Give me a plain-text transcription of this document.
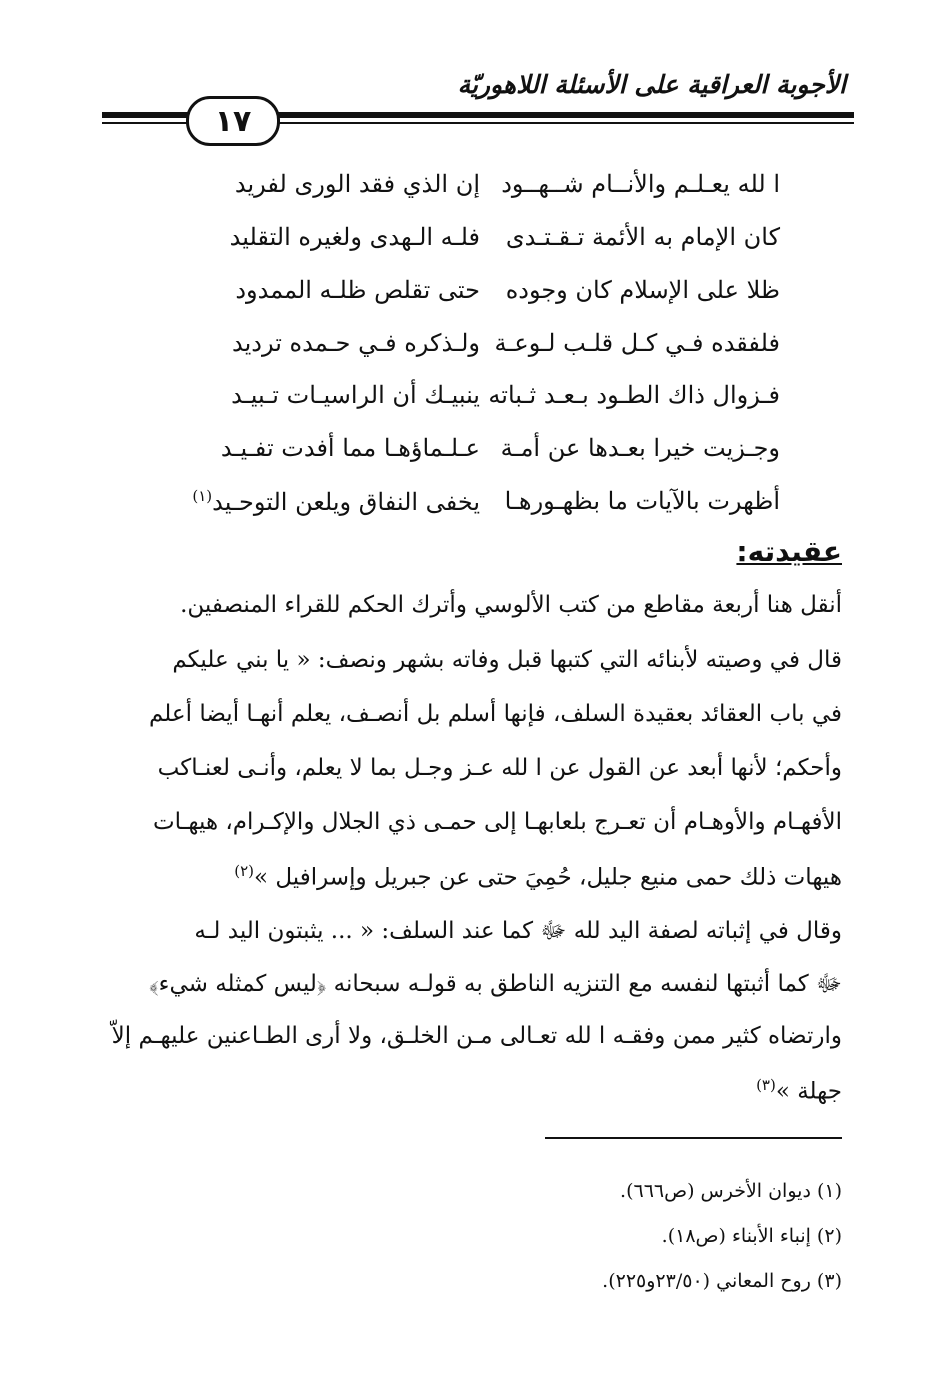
الأجوبة العراقية على الأسئلة اللاهوريّة
١٧
ا لله يعـلـم والأنــام شــهــود
إن الذي فقد الورى لفريد
كان الإمام به الأئمة تـقـتـدى
فلـه الـهدى ولغيره التقليد
ظلا على الإسلام كان وجوده
حتى تقلص ظلـه الممدود
فلفقده فـي كـل قلـب لـوعـة
ولـذكره فـي حـمده ترديد
فـزوال ذاك الطـود بـعـد ثـباته
ينبيـك أن الراسيـات تـبيـد
وجـزيت خيرا بعـدها عن أمـة
عـلـماؤهـا مما أفدت تفـيـد
أظهرت بالآيات ما بظهـورهـا
يخفى النفاق ويلعن التوحـيد$^{(١)}$
عقيدته:
أنقل هنا أربعة مقاطع من كتب الألوسي وأترك الحكم للقراء المنصفين.
قال في وصيته لأبنائه التي كتبها قبل وفاته بشهر ونصف: « يا بني عليكم
في باب العقائد بعقيدة السلف، فإنها أسلم بل أنصـف، يعلم أنهـا أيضا أعلم
وأحكم؛ لأنها أبعد عن القول عن ا لله عـز وجـل بما لا يعلم، وأنـى لعنـاكب
الأفهـام والأوهـام أن تعـرج بلعابهـا إلى حمـى ذي الجلال والإكـرام، هيهـات
هيهات ذلك حمى منيع جليل، حُمِيَ حتى عن جبريل وإسرافيل »$^{(٢)}$
وقال في إثباته لصفة اليد لله ﷻ كما عند السلف: « ... يثبتون اليد لـه
ﷻ كما أثبتها لنفسه مع التنزيه الناطق به قولـه سبحانه ﴿ليس كمثله شيء﴾
وارتضاه كثير ممن وفقـه ا لله تعـالى مـن الخلـق، ولا أرى الطـاعنين عليهـم إلاّ
جهلة »$^{(٣)}$
(١) ديوان الأخرس (ص٦٦٦).
(٢) إنباء الأبناء (ص١٨).
(٣) روح المعاني (٢٣/٥٠و٢٢٥).
